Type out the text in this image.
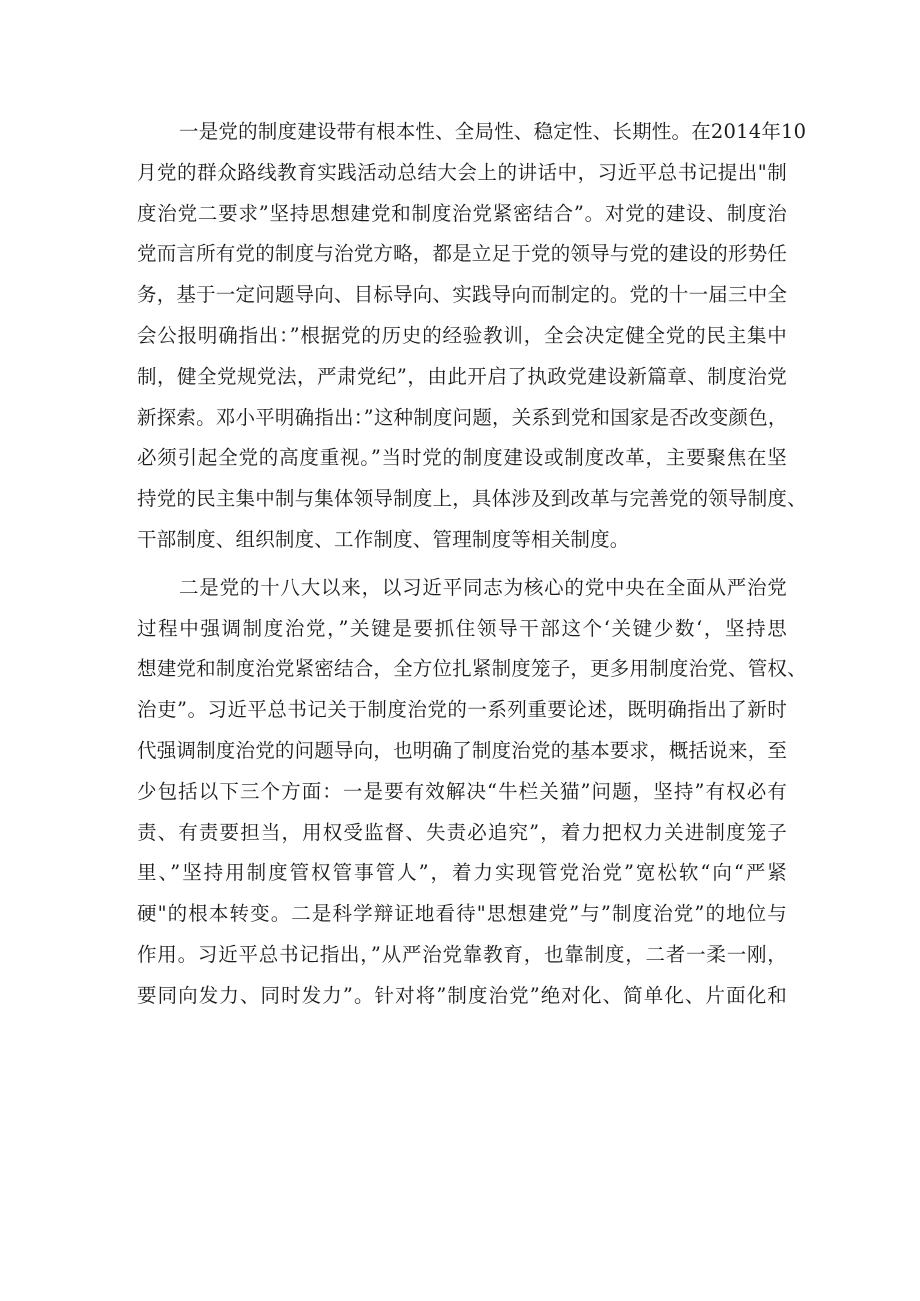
一是党的制度建设带有根本性、全局性、稳定性、长期性。在2014年10
月党的群众路线教育实践活动总结大会上的讲话中，习近平总书记提出"制
度治党二要求”坚持思想建党和制度治党紧密结合”。对党的建设、制度治
党而言所有党的制度与治党方略，都是立足于党的领导与党的建设的形势任
务，基于一定问题导向、目标导向、实践导向而制定的。党的十一届三中全
会公报明确指出：”根据党的历史的经验教训，全会决定健全党的民主集中
制，健全党规党法，严肃党纪”，由此开启了执政党建设新篇章、制度治党
新探索。邓小平明确指出：”这种制度问题，关系到党和国家是否改变颜色，
必须引起全党的高度重视。”当时党的制度建设或制度改革，主要聚焦在坚
持党的民主集中制与集体领导制度上，具体涉及到改革与完善党的领导制度、
干部制度、组织制度、工作制度、管理制度等相关制度。

二是党的十八大以来，以习近平同志为核心的党中央在全面从严治党
过程中强调制度治党，”关键是要抓住领导干部这个‘关键少数‘，坚持思
想建党和制度治党紧密结合，全方位扎紧制度笼子，更多用制度治党、管权、
治吏”。习近平总书记关于制度治党的一系列重要论述，既明确指出了新时
代强调制度治党的问题导向，也明确了制度治党的基本要求，概括说来，至
少包括以下三个方面：一是要有效解决“牛栏关猫”问题，坚持”有权必有
责、有责要担当，用权受监督、失责必追究”，着力把权力关进制度笼子
里、”坚持用制度管权管事管人”，着力实现管党治党”宽松软“向“严紧
硬"的根本转变。二是科学辩证地看待"思想建党”与”制度治党”的地位与
作用。习近平总书记指出，”从严治党靠教育，也靠制度，二者一柔一刚，
要同向发力、同时发力”。针对将”制度治党”绝对化、简单化、片面化和
